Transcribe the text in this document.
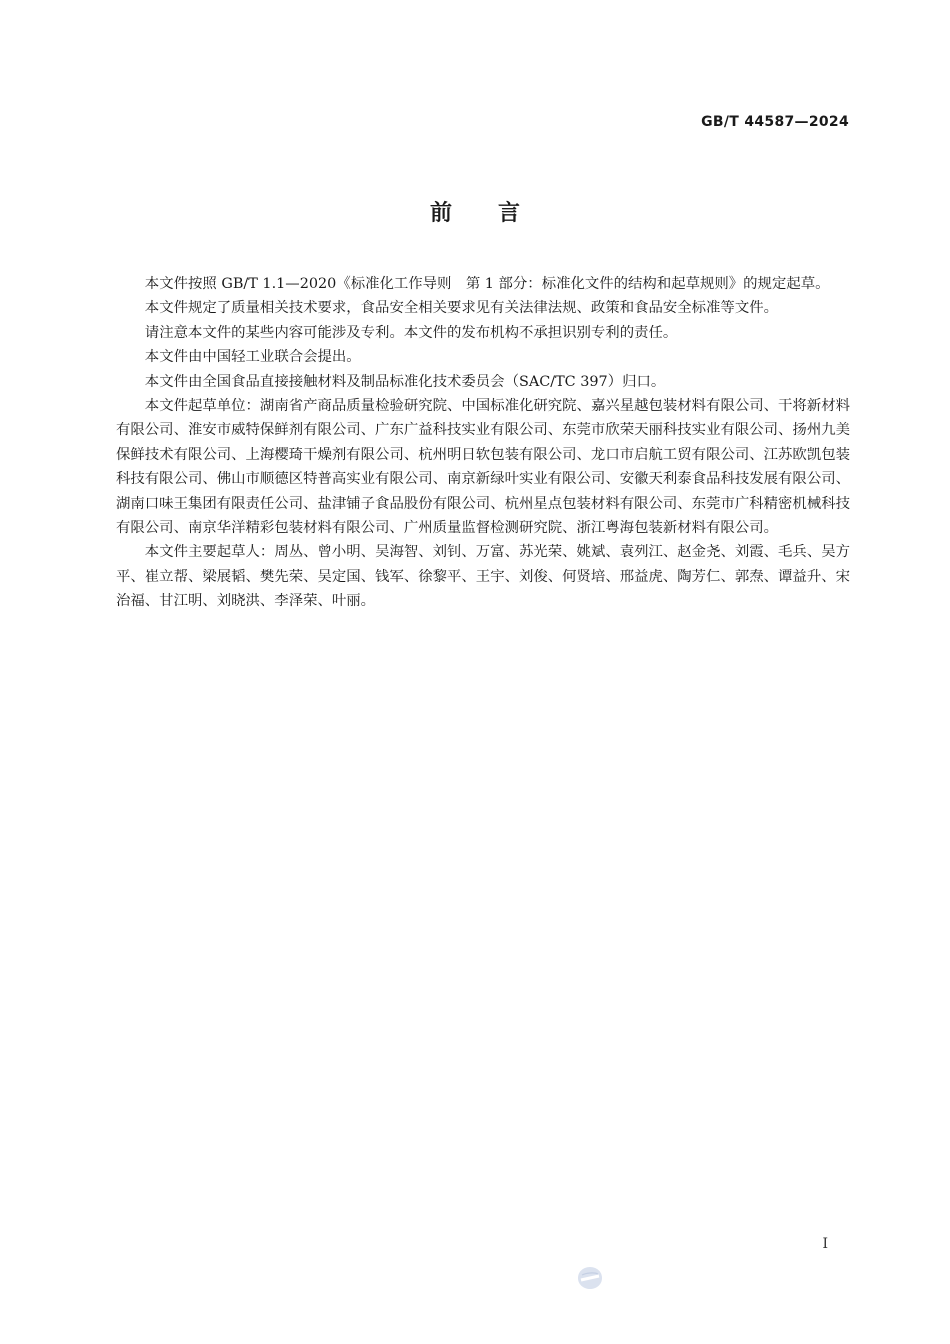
GB/T 44587—2024
前 言

本文件按照 GB/T 1.1—2020《标准化工作导则　第 1 部分：标准化文件的结构和起草规则》的规定起草。

本文件规定了质量相关技术要求，食品安全相关要求见有关法律法规、政策和食品安全标准等文件。

请注意本文件的某些内容可能涉及专利。本文件的发布机构不承担识别专利的责任。

本文件由中国轻工业联合会提出。

本文件由全国食品直接接触材料及制品标准化技术委员会（SAC/TC 397）归口。

本文件起草单位：湖南省产商品质量检验研究院、中国标准化研究院、嘉兴星越包装材料有限公司、干将新材料有限公司、淮安市威特保鲜剂有限公司、广东广益科技实业有限公司、东莞市欣荣天丽科技实业有限公司、扬州九美保鲜技术有限公司、上海樱琦干燥剂有限公司、杭州明日软包装有限公司、龙口市启航工贸有限公司、江苏欧凯包装科技有限公司、佛山市顺德区特普高实业有限公司、南京新绿叶实业有限公司、安徽天利泰食品科技发展有限公司、湖南口味王集团有限责任公司、盐津铺子食品股份有限公司、杭州星点包装材料有限公司、东莞市广科精密机械科技有限公司、南京华洋精彩包装材料有限公司、广州质量监督检测研究院、浙江粤海包装新材料有限公司。

本文件主要起草人：周丛、曾小明、吴海智、刘钊、万富、苏光荣、姚斌、袁列江、赵金尧、刘霞、毛兵、吴方平、崔立帮、梁展韬、樊先荣、吴定国、钱军、徐黎平、王宇、刘俊、何贤培、邢益虎、陶芳仁、郭焘、谭益升、宋治福、甘江明、刘晓洪、李泽荣、叶丽。

I
